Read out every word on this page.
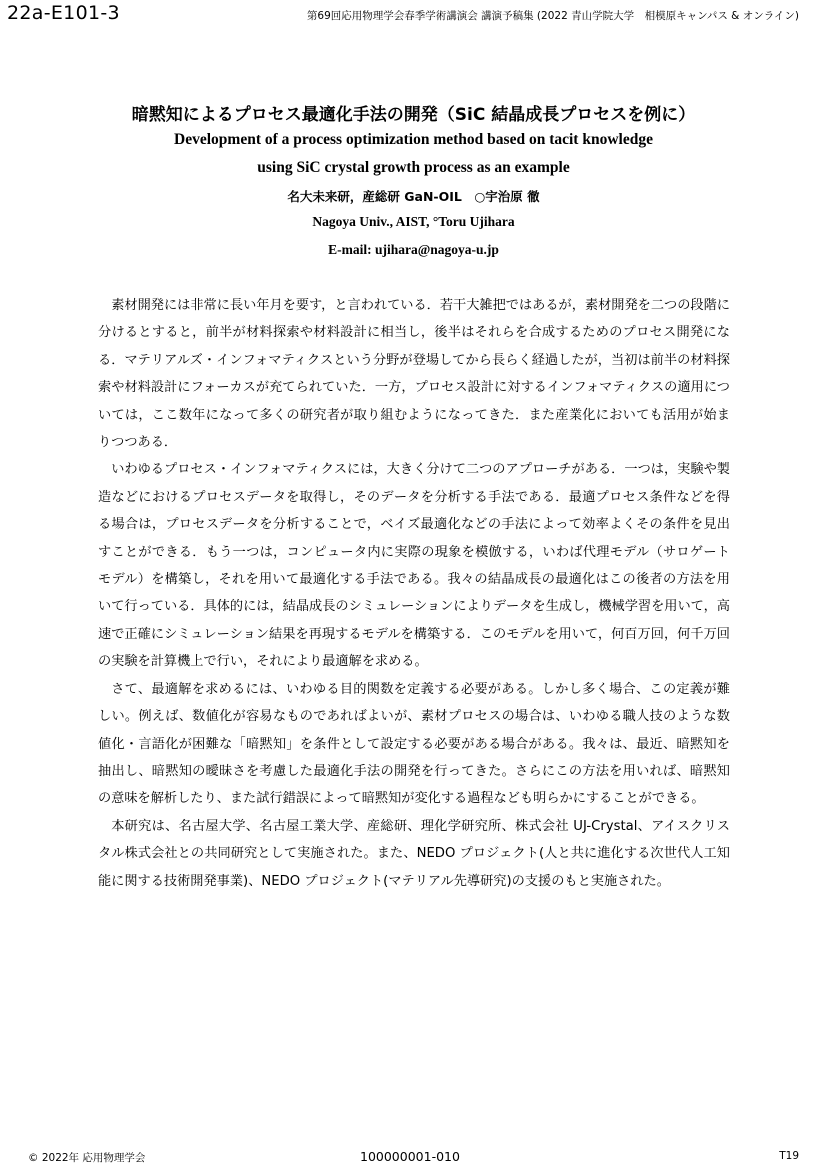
22a-E101-3	第69回応用物理学会春季学術講演会 講演予稿集 (2022 青山学院大学　相模原キャンパス & オンライン)
暗黙知によるプロセス最適化手法の開発（SiC 結晶成長プロセスを例に）
Development of a process optimization method based on tacit knowledge
using SiC crystal growth process as an example
名大未来研，産総研 GaN-OIL　○宇治原 徹
Nagoya Univ., AIST, °Toru Ujihara
E-mail: ujihara@nagoya-u.jp

素材開発には非常に長い年月を要す，と言われている．若干大雑把ではあるが，素材開発を二つの段階に分けるとすると，前半が材料探索や材料設計に相当し，後半はそれらを合成するためのプロセス開発になる．マテリアルズ・インフォマティクスという分野が登場してから長らく経過したが，当初は前半の材料探索や材料設計にフォーカスが充てられていた．一方，プロセス設計に対するインフォマティクスの適用については，ここ数年になって多くの研究者が取り組むようになってきた．また産業化においても活用が始まりつつある．

いわゆるプロセス・インフォマティクスには，大きく分けて二つのアプローチがある．一つは，実験や製造などにおけるプロセスデータを取得し，そのデータを分析する手法である．最適プロセス条件などを得る場合は，プロセスデータを分析することで，ベイズ最適化などの手法によって効率よくその条件を見出すことができる．もう一つは，コンピュータ内に実際の現象を模倣する，いわば代理モデル（サロゲートモデル）を構築し，それを用いて最適化する手法である。我々の結晶成長の最適化はこの後者の方法を用いて行っている．具体的には，結晶成長のシミュレーションによりデータを生成し，機械学習を用いて，高速で正確にシミュレーション結果を再現するモデルを構築する．このモデルを用いて，何百万回，何千万回の実験を計算機上で行い，それにより最適解を求める。

さて、最適解を求めるには、いわゆる目的関数を定義する必要がある。しかし多く場合、この定義が難しい。例えば、数値化が容易なものであればよいが、素材プロセスの場合は、いわゆる職人技のような数値化・言語化が困難な「暗黙知」を条件として設定する必要がある場合がある。我々は、最近、暗黙知を抽出し、暗黙知の曖昧さを考慮した最適化手法の開発を行ってきた。さらにこの方法を用いれば、暗黙知の意味を解析したり、また試行錯誤によって暗黙知が変化する過程なども明らかにすることができる。

本研究は、名古屋大学、名古屋工業大学、産総研、理化学研究所、株式会社 UJ-Crystal、アイスクリスタル株式会社との共同研究として実施された。また、NEDO プロジェクト(人と共に進化する次世代人工知能に関する技術開発事業)、NEDO プロジェクト(マテリアル先導研究)の支援のもと実施された。

© 2022年 応用物理学会	100000001-010	T19
